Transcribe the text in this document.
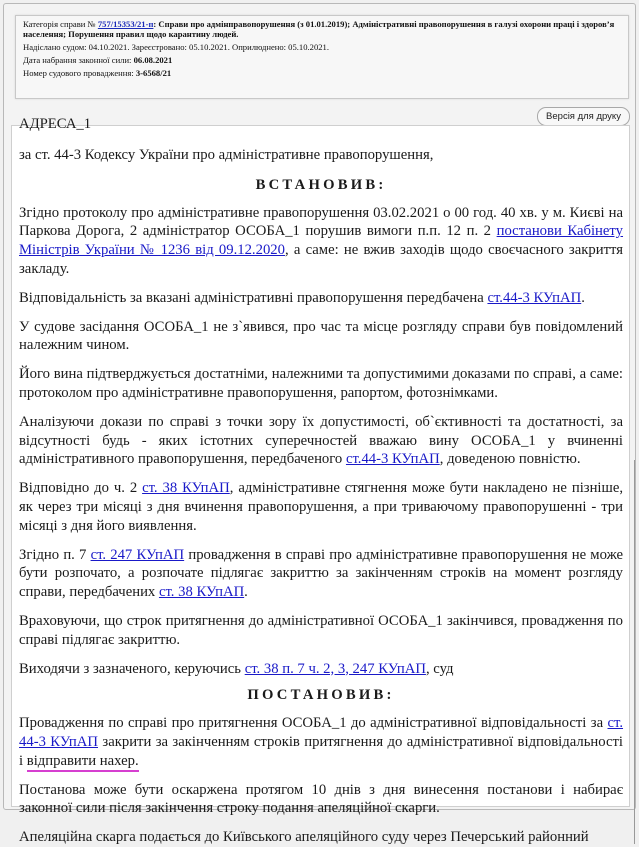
Категорія справи № 757/15353/21-п: Справи про адмінправопорушення (з 01.01.2019); Адміністративні правопорушення в галузі охорони праці і здоров’я населення; Порушення правил щодо карантину людей.
Надіслано судом: 04.10.2021. Зареєстровано: 05.10.2021. Оприлюднено: 05.10.2021.
Дата набрання законної сили: 06.08.2021
Номер судового провадження: 3-6568/21
Версія для друку

АДРЕСА_1

за ст. 44-3 Кодексу України про адміністративне правопорушення,

ВСТАНОВИВ:

Згідно протоколу про адміністративне правопорушення 03.02.2021 о 00 год. 40 хв. у м. Києві на Паркова Дорога, 2 адміністратор ОСОБА_1 порушив вимоги п.п. 12 п. 2 постанови Кабінету Міністрів України № 1236 від 09.12.2020, а саме: не вжив заходів щодо своєчасного закриття закладу.

Відповідальність за вказані адміністративні правопорушення передбачена ст.44-3 КУпАП.

У судове засідання ОСОБА_1 не з`явився, про час та місце розгляду справи був повідомлений належним чином.

Його вина підтверджується достатніми, належними та допустимими доказами по справі, а саме: протоколом про адміністративне правопорушення, рапортом, фотознімками.

Аналізуючи докази по справі з точки зору їх допустимості, об`єктивності та достатності, за відсутності будь - яких істотних суперечностей вважаю вину ОСОБА_1 у вчиненні адміністративного правопорушення, передбаченого ст.44-3 КУпАП, доведеною повністю.

Відповідно до ч. 2 ст. 38 КУпАП, адміністративне стягнення може бути накладено не пізніше, як через три місяці з дня вчинення правопорушення, а при триваючому правопорушенні - три місяці з дня його виявлення.

Згідно п. 7 ст. 247 КУпАП провадження в справі про адміністративне правопорушення не може бути розпочато, а розпочате підлягає закриттю за закінченням строків на момент розгляду справи, передбачених ст. 38 КУпАП.

Враховуючи, що строк притягнення до адміністративної ОСОБА_1 закінчився, провадження по справі підлягає закриттю.

Виходячи з зазначеного, керуючись ст. 38 п. 7 ч. 2, 3, 247 КУпАП, суд

ПОСТАНОВИВ:

Провадження по справі про притягнення ОСОБА_1 до адміністративної відповідальності за ст. 44-3 КУпАП закрити за закінченням строків притягнення до адміністративної відповідальності і відправити нахер.

Постанова може бути оскаржена протягом 10 днів з дня винесення постанови і набирає законної сили після закінчення строку подання апеляційної скарги.

Апеляційна скарга подається до Київського апеляційного суду через Печерський районний
